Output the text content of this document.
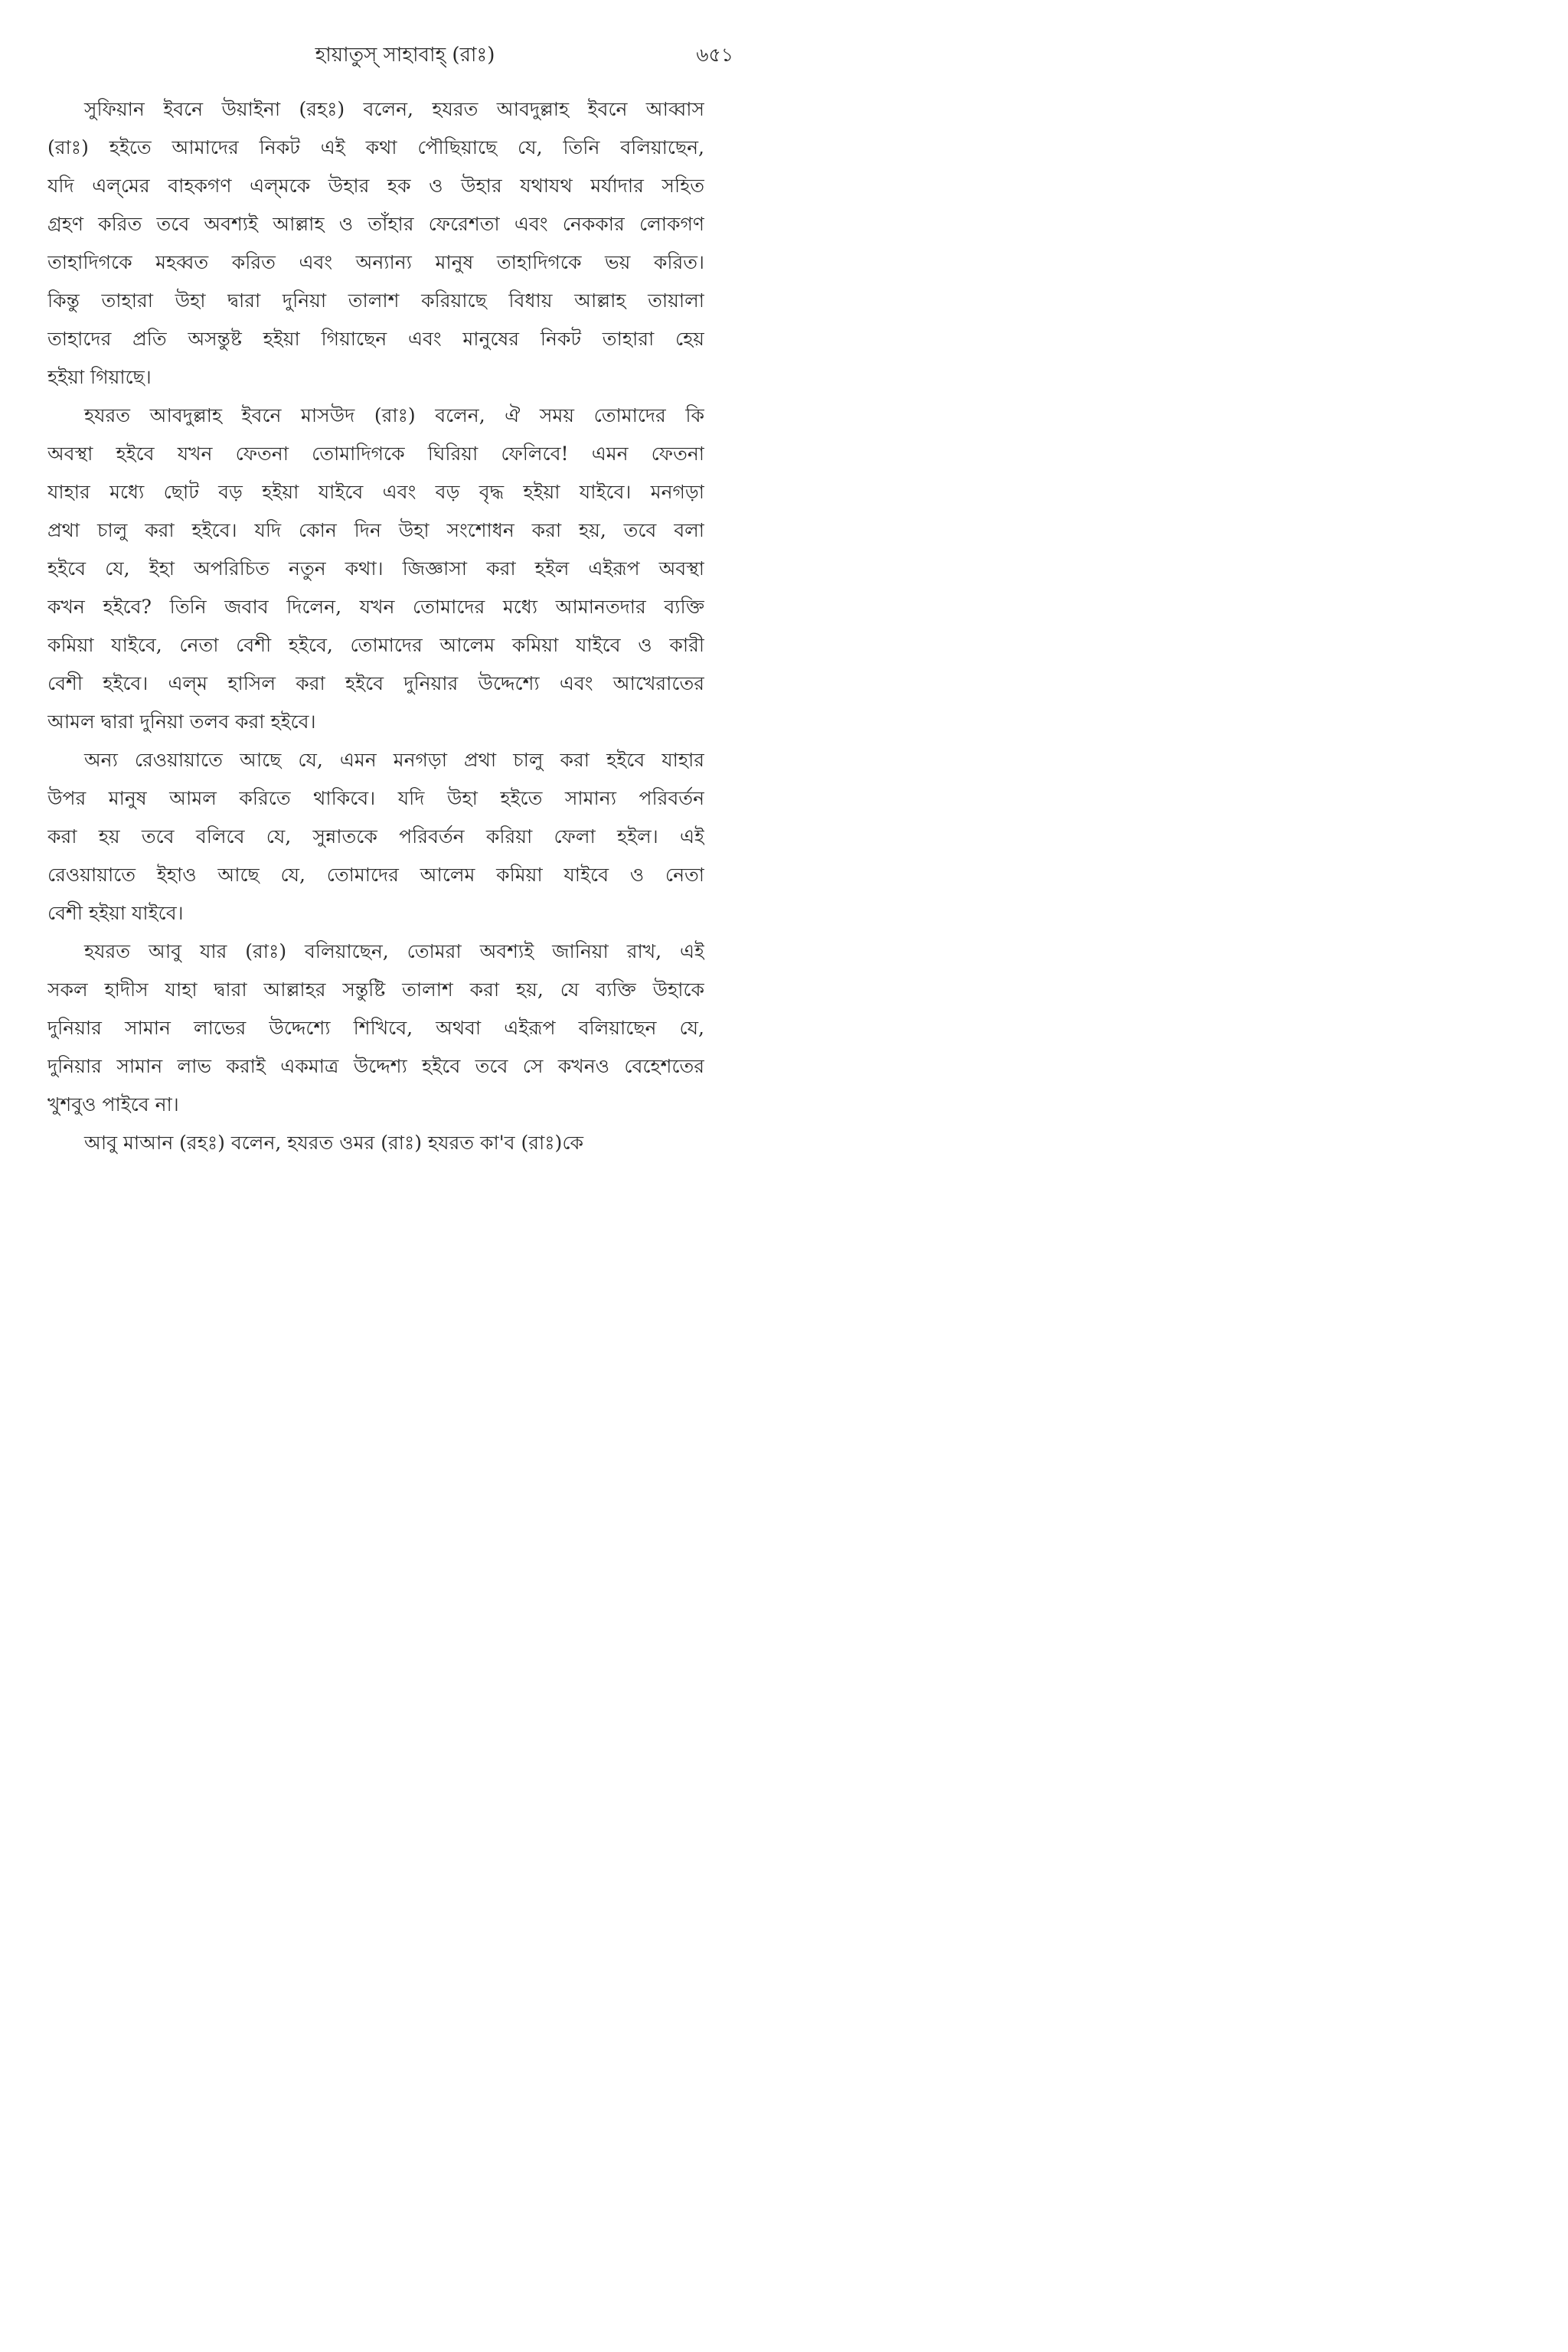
হায়াতুস্ সাহাবাহ্ (রাঃ)	৬৫১
সুফিয়ান ইবনে উয়াইনা (রহঃ) বলেন, হযরত আবদুল্লাহ ইবনে আব্বাস
(রাঃ) হইতে আমাদের নিকট এই কথা পৌছিয়াছে যে, তিনি বলিয়াছেন,
যদি এল্‌মের বাহকগণ এল্‌মকে উহার হক ও উহার যথাযথ মর্যাদার সহিত
গ্রহণ করিত তবে অবশ্যই আল্লাহ ও তাঁহার ফেরেশতা এবং নেককার লোকগণ
তাহাদিগকে মহব্বত করিত এবং অন্যান্য মানুষ তাহাদিগকে ভয় করিত।
কিন্তু তাহারা উহা দ্বারা দুনিয়া তালাশ করিয়াছে বিধায় আল্লাহ তায়ালা
তাহাদের প্রতি অসন্তুষ্ট হইয়া গিয়াছেন এবং মানুষের নিকট তাহারা হেয়
হইয়া গিয়াছে।
হযরত আবদুল্লাহ ইবনে মাসউদ (রাঃ) বলেন, ঐ সময় তোমাদের কি
অবস্থা হইবে যখন ফেতনা তোমাদিগকে ঘিরিয়া ফেলিবে! এমন ফেতনা
যাহার মধ্যে ছোট বড় হইয়া যাইবে এবং বড় বৃদ্ধ হইয়া যাইবে। মনগড়া
প্রথা চালু করা হইবে। যদি কোন দিন উহা সংশোধন করা হয়, তবে বলা
হইবে যে, ইহা অপরিচিত নতুন কথা। জিজ্ঞাসা করা হইল এইরূপ অবস্থা
কখন হইবে? তিনি জবাব দিলেন, যখন তোমাদের মধ্যে আমানতদার ব্যক্তি
কমিয়া যাইবে, নেতা বেশী হইবে, তোমাদের আলেম কমিয়া যাইবে ও কারী
বেশী হইবে। এল্‌ম হাসিল করা হইবে দুনিয়ার উদ্দেশ্যে এবং আখেরাতের
আমল দ্বারা দুনিয়া তলব করা হইবে।
অন্য রেওয়ায়াতে আছে যে, এমন মনগড়া প্রথা চালু করা হইবে যাহার
উপর মানুষ আমল করিতে থাকিবে। যদি উহা হইতে সামান্য পরিবর্তন
করা হয় তবে বলিবে যে, সুন্নাতকে পরিবর্তন করিয়া ফেলা হইল। এই
রেওয়ায়াতে ইহাও আছে যে, তোমাদের আলেম কমিয়া যাইবে ও নেতা
বেশী হইয়া যাইবে।
হযরত আবু যার (রাঃ) বলিয়াছেন, তোমরা অবশ্যই জানিয়া রাখ, এই
সকল হাদীস যাহা দ্বারা আল্লাহর সন্তুষ্টি তালাশ করা হয়, যে ব্যক্তি উহাকে
দুনিয়ার সামান লাভের উদ্দেশ্যে শিখিবে, অথবা এইরূপ বলিয়াছেন যে,
দুনিয়ার সামান লাভ করাই একমাত্র উদ্দেশ্য হইবে তবে সে কখনও বেহেশতের
খুশবুও পাইবে না।
আবু মাআন (রহঃ) বলেন, হযরত ওমর (রাঃ) হযরত কা'ব (রাঃ)কে
